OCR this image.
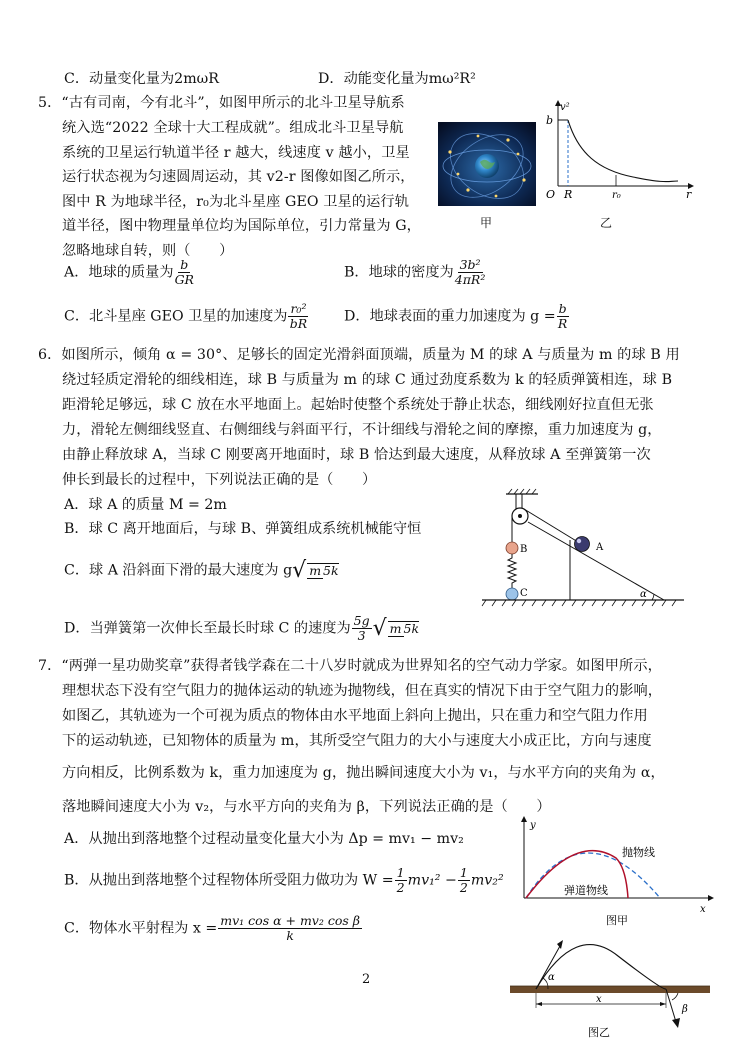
C．动量变化量为2mωR	D．动能变化量为mω²R²
5．“古有司南，今有北斗”，如图甲所示的北斗卫星导航系
统入选“2022 全球十大工程成就”。组成北斗卫星导航
系统的卫星运行轨道半径 r 越大，线速度 v 越小，卫星
运行状态视为匀速圆周运动，其 v2-r 图像如图乙所示，
图中 R 为地球半径，r₀为北斗星座 GEO 卫星的运行轨
道半径，图中物理量单位均为国际单位，引力常量为 G，
忽略地球自转，则（　　）
甲
v²
b
O R	r₀	r
乙
A．地球的质量为 $\frac{b}{GR}$	B．地球的密度为 $\frac{\text{3b²}}{\text{4πR²}}$
C．北斗星座 GEO 卫星的加速度为 $\frac{\text{r₀²}}{bR}$	D．地球表面的重力加速度为 $g = \frac{b}{R}$
6．如图所示，倾角 α = 30°、足够长的固定光滑斜面顶端，质量为 M 的球 A 与质量为 m 的球 B 用
绕过轻质定滑轮的细线相连，球 B 与质量为 m 的球 C 通过劲度系数为 k 的轻质弹簧相连，球 B
距滑轮足够远，球 C 放在水平地面上。起始时使整个系统处于静止状态，细线刚好拉直但无张
力，滑轮左侧细线竖直、右侧细线与斜面平行，不计细线与滑轮之间的摩擦，重力加速度为 g，
由静止释放球 A，当球 C 刚要离开地面时，球 B 恰达到最大速度，从释放球 A 至弹簧第一次
伸长到最长的过程中，下列说法正确的是（　　）
A．球 A 的质量 M = 2m
B．球 C 离开地面后，与球 B、弹簧组成系统机械能守恒
C．球 A 沿斜面下滑的最大速度为 g√ m 5k
D．当弹簧第一次伸长至最长时球 C 的速度为 $\frac{5g}{3}$ √ m 5k
B
C
A
α
7．“两弹一星功勋奖章”获得者钱学森在二十八岁时就成为世界知名的空气动力学家。如图甲所示，
理想状态下没有空气阻力的抛体运动的轨迹为抛物线，但在真实的情况下由于空气阻力的影响，
如图乙，其轨迹为一个可视为质点的物体由水平地面上斜向上抛出，只在重力和空气阻力作用
下的运动轨迹，已知物体的质量为 m，其所受空气阻力的大小与速度大小成正比，方向与速度
方向相反，比例系数为 k，重力加速度为 g，抛出瞬间速度大小为 v₁，与水平方向的夹角为 α，
落地瞬间速度大小为 v₂，与水平方向的夹角为 β，下列说法正确的是（　　）
A．从抛出到落地整个过程动量变化量大小为 Δp = mv₁ − mv₂
B．从抛出到落地整个过程物体所受阻力做功为 $W = \frac{1}{2} mv_1^2 - \frac{1}{2} mv_2^2$
C．物体水平射程为 $x = \frac{\text{mv₁ cos α + mv₂ cos β}}{k}$
y
x
抛物线
弹道物线
图甲
α
β
x
图乙
2
